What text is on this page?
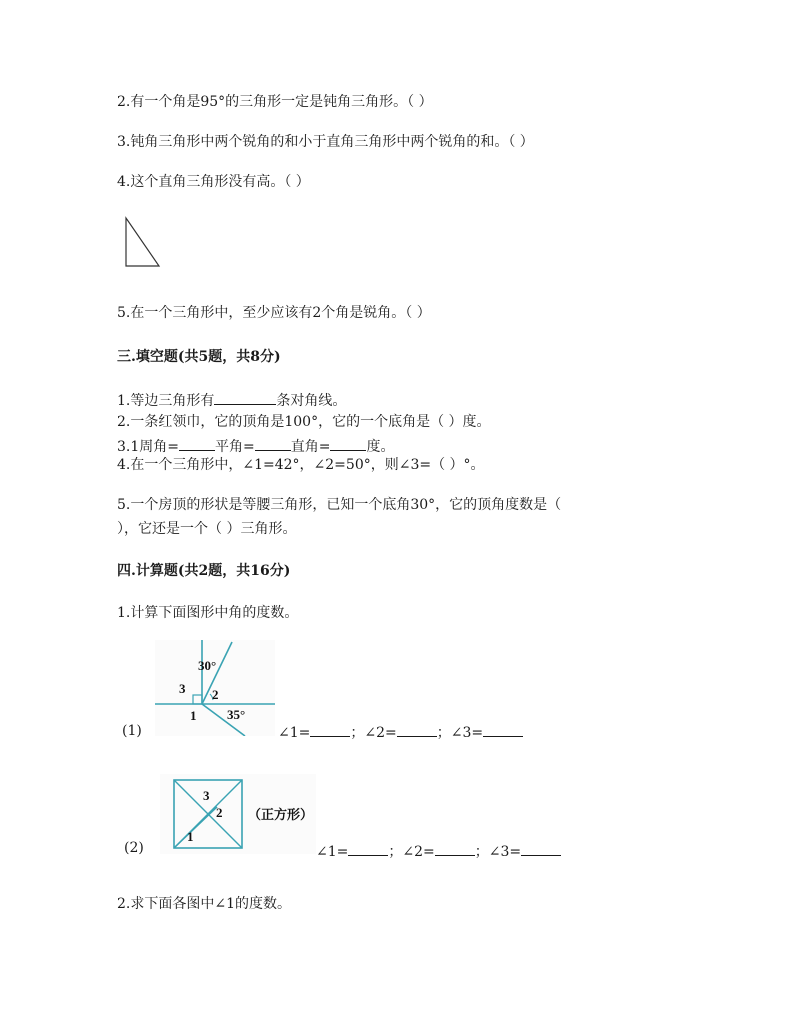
2.有一个角是95°的三角形一定是钝角三角形。（ ）
3.钝角三角形中两个锐角的和小于直角三角形中两个锐角的和。（ ）
4.这个直角三角形没有高。（ ）
5.在一个三角形中，至少应该有2个角是锐角。（ ）
三.填空题(共5题，共8分)
1.等边三角形有	条对角线。
2.一条红领巾，它的顶角是100°，它的一个底角是（ ）度。
3.1周角=	平角=	直角=	度。
4.在一个三角形中，∠1=42°，∠2=50°，则∠3=（ ）°。
5.一个房顶的形状是等腰三角形，已知一个底角30°，它的顶角度数是（
），它还是一个（ ）三角形。
四.计算题(共2题，共16分)
1.计算下面图形中角的度数。
(1)
30°
3 2
1 35°
∠1=	；∠2=	；∠3=
(2)
3
2
1
（正方形）
∠1=	；∠2=	；∠3=
2.求下面各图中∠1的度数。
